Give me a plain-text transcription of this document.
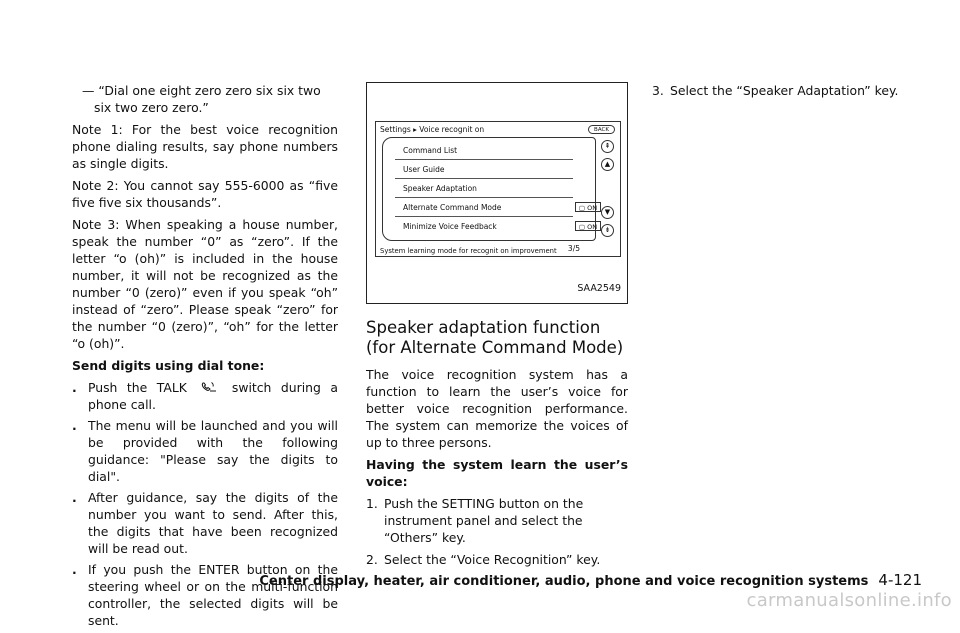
— “Dial one eight zero zero six six two six two zero zero.”

Note 1: For the best voice recognition phone dialing results, say phone numbers as single digits.

Note 2: You cannot say 555-6000 as “five five five six thousands”.

Note 3: When speaking a house number, speak the number “0” as “zero”. If the letter “o (oh)” is included in the house number, it will not be recognized as the number “0 (zero)” even if you speak “oh” instead of “zero”. Please speak “zero” for the number “0 (zero)”, “oh” for the letter “o (oh)”.

Send digits using dial tone:

. Push the TALK	switch during a phone call.
. The menu will be launched and you will be provided with the following guidance: "Please say the digits to dial".
. After guidance, say the digits of the number you want to send. After this, the digits that have been recognized will be read out.
. If you push the ENTER button on the steering wheel or on the multi-function controller, the selected digits will be sent.
Settings ▸ Voice recognit on	BACK
Command List
User Guide
Speaker Adaptation
Alternate Command Mode	▢ ON
Minimize Voice Feedback	▢ ON
⇞
▲
▼
⇟
3/5
System learning mode for recognit on improvement
SAA2549
Speaker adaptation function (for Alternate Command Mode)

The voice recognition system has a function to learn the user’s voice for better voice recognition performance. The system can memorize the voices of up to three persons.

Having the system learn the user’s voice:

1. Push the SETTING button on the instrument panel and select the “Others” key.
2. Select the “Voice Recognition” key.
3. Select the “Speaker Adaptation” key.
Center display, heater, air conditioner, audio, phone and voice recognition systems 4-121
carmanualsonline.info
